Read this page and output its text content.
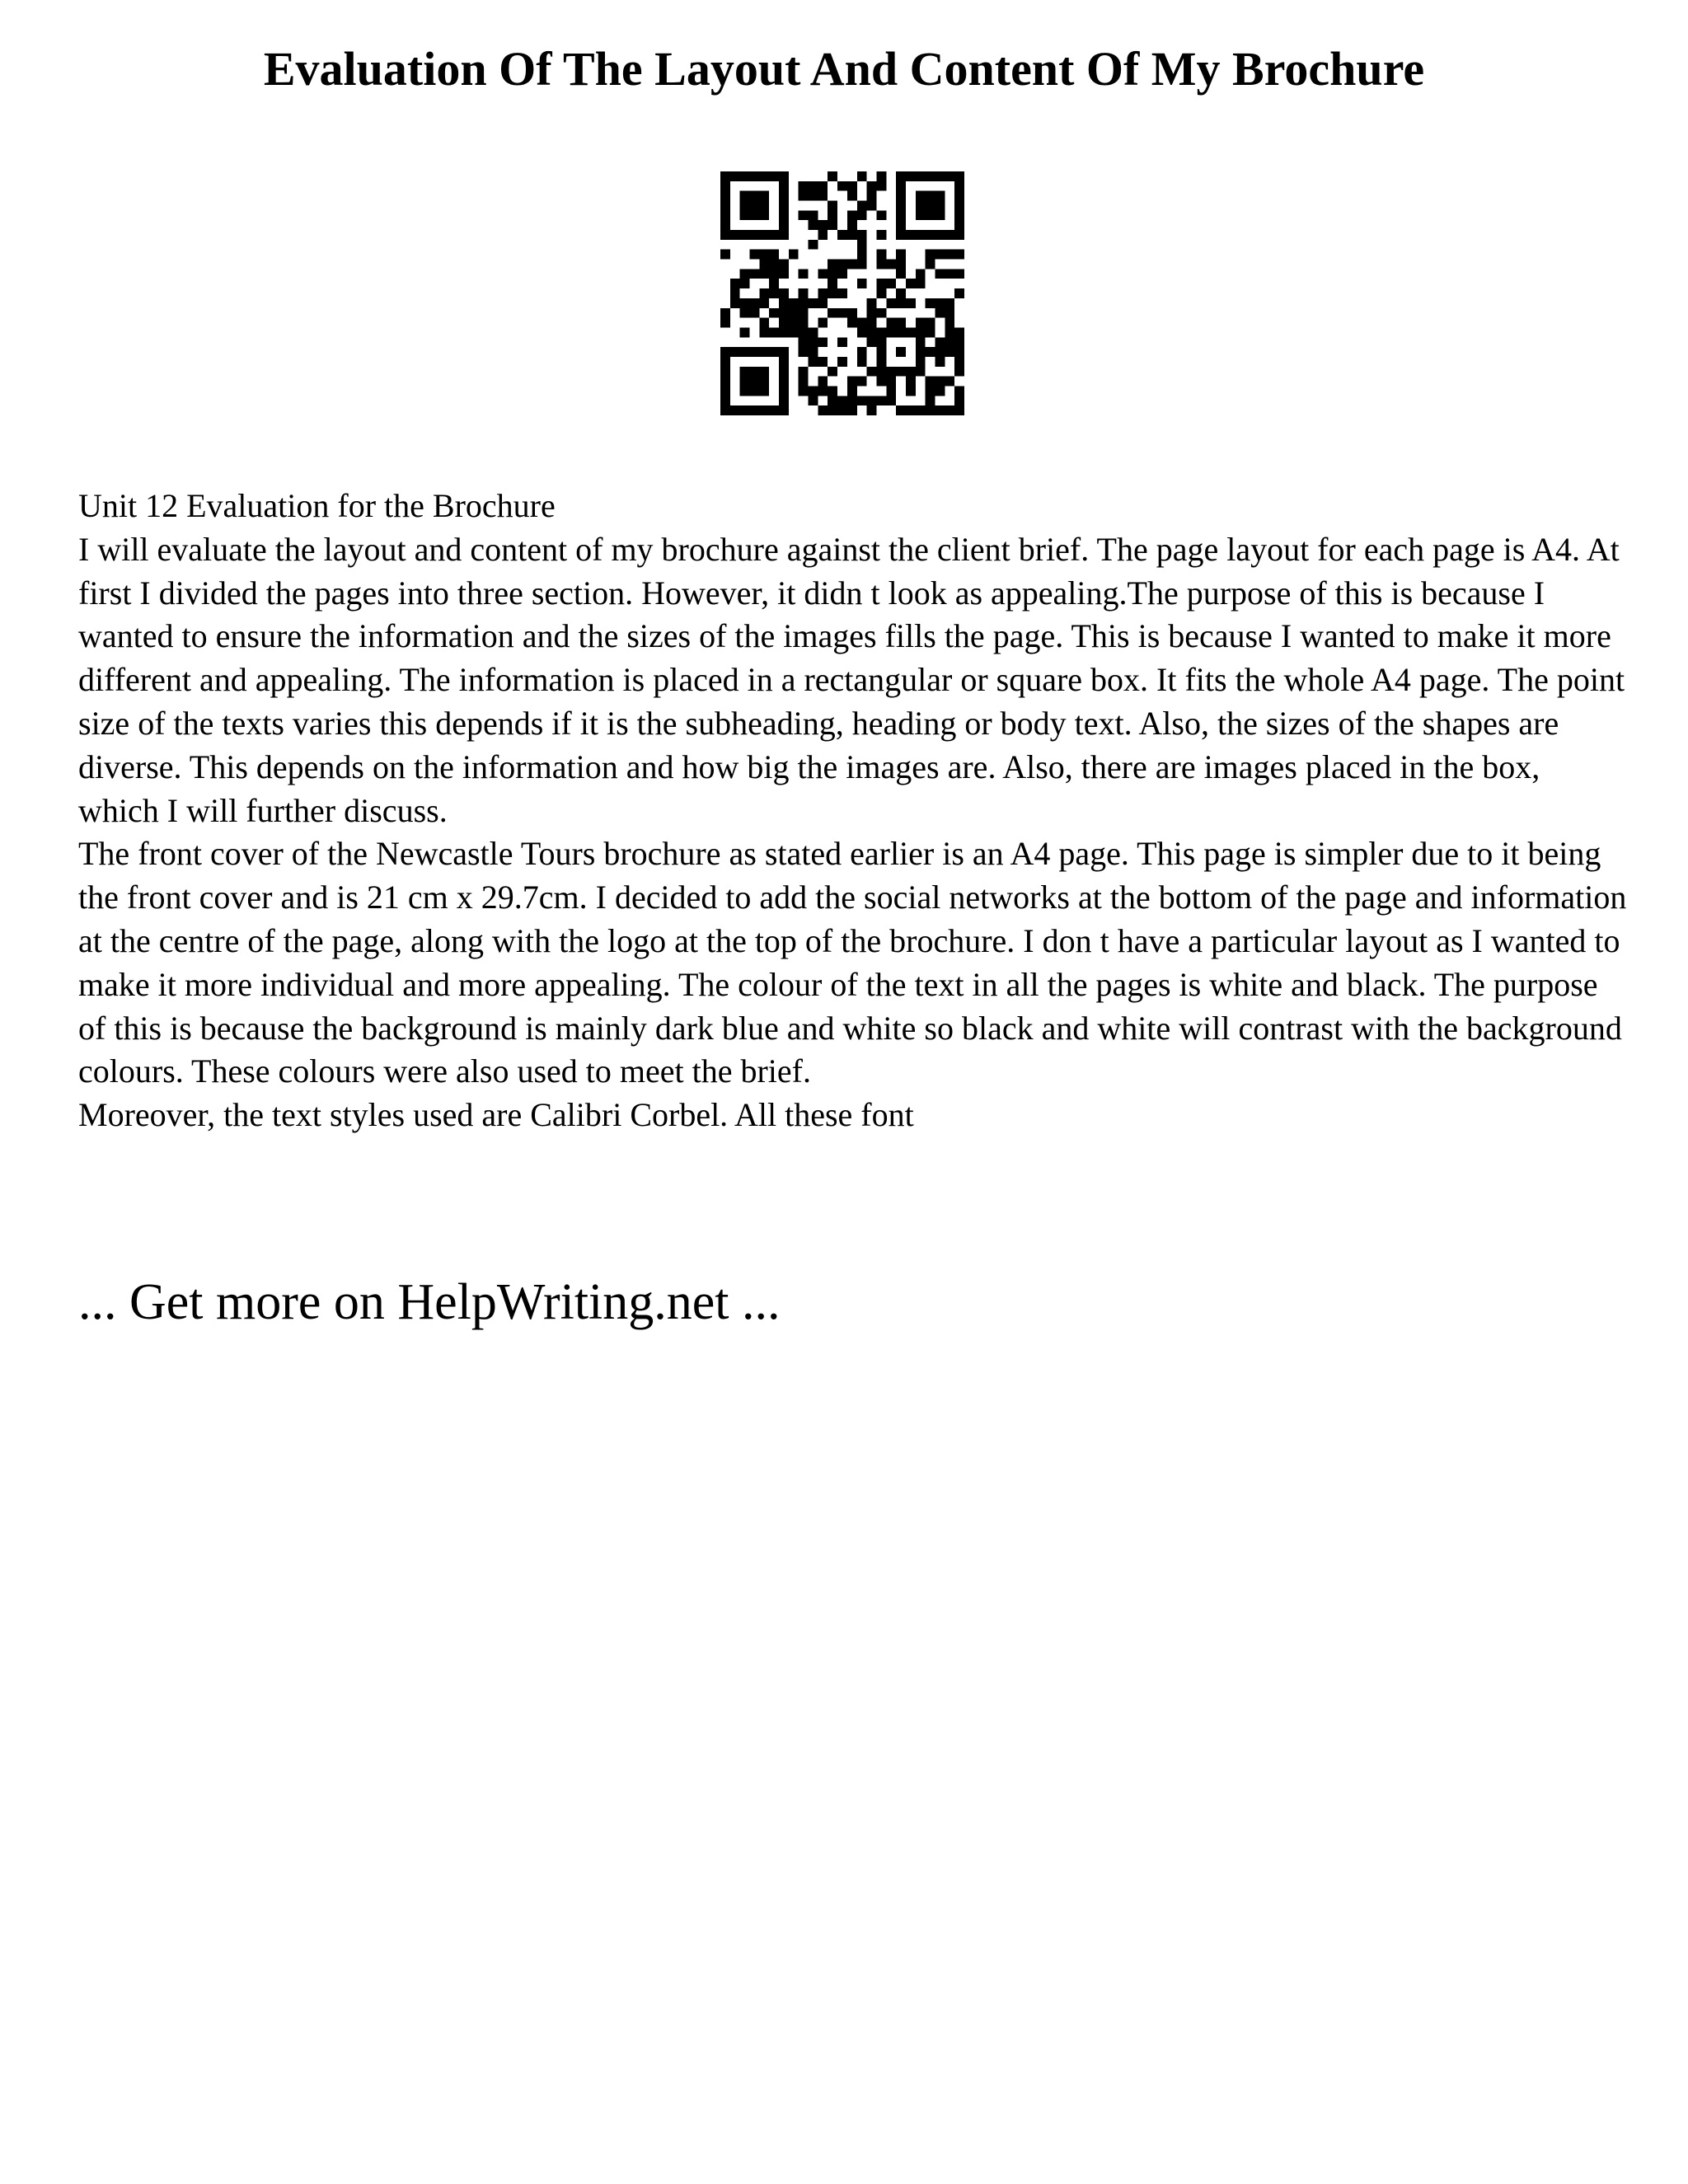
Evaluation Of The Layout And Content Of My Brochure

Unit 12 Evaluation for the Brochure

I will evaluate the layout and content of my brochure against the client brief. The page layout for each page is A4. At first I divided the pages into three section. However, it didn t look as appealing.The purpose of this is because I wanted to ensure the information and the sizes of the images fills the page. This is because I wanted to make it more different and appealing. The information is placed in a rectangular or square box. It fits the whole A4 page. The point size of the texts varies this depends if it is the subheading, heading or body text. Also, the sizes of the shapes are diverse. This depends on the information and how big the images are. Also, there are images placed in the box, which I will further discuss.

The front cover of the Newcastle Tours brochure as stated earlier is an A4 page. This page is simpler due to it being the front cover and is 21 cm x 29.7cm. I decided to add the social networks at the bottom of the page and information at the centre of the page, along with the logo at the top of the brochure. I don t have a particular layout as I wanted to make it more individual and more appealing. The colour of the text in all the pages is white and black. The purpose of this is because the background is mainly dark blue and white so black and white will contrast with the background colours. These colours were also used to meet the brief.

Moreover, the text styles used are Calibri Corbel. All these font

... Get more on HelpWriting.net ...
